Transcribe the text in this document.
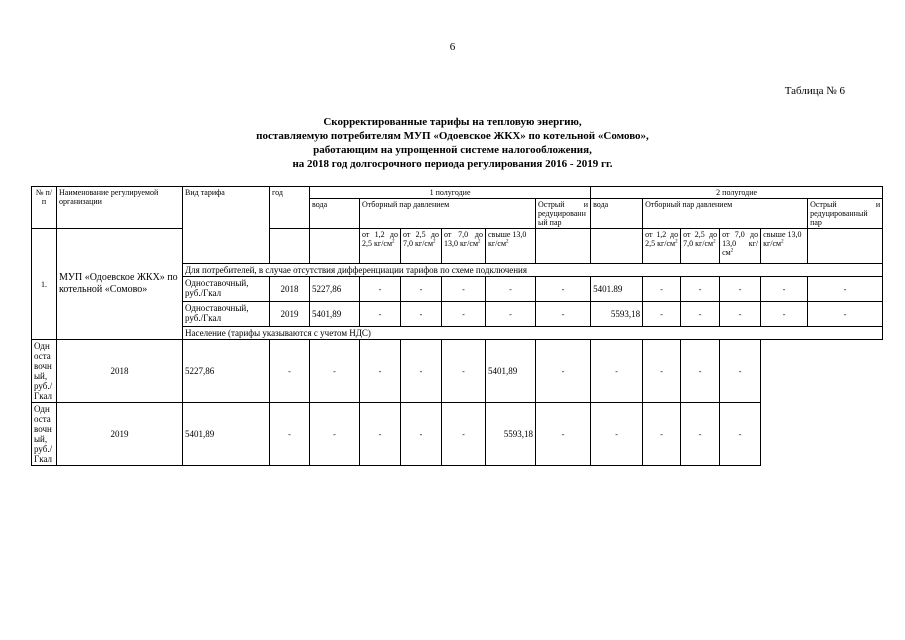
6
Таблица № 6
Скорректированные тарифы на тепловую энергию,
поставляемую потребителям МУП «Одоевское ЖКХ» по котельной «Сомово»,
работающим на упрощенной системе налогообложения,
на 2018 год долгосрочного периода регулирования 2016 - 2019 гг.
№ п/п	Наименование регулируемой организации	Вид тарифа	год	1 полугодие						2 полугодие					
				вода	Отборный пар давлением				Острый и редуцированный пар	вода	Отборный пар давлением				Острый и редуцированный пар

1.	МУП «Одоевское ЖКХ» по котельной «Сомово»				от 1,2 до 2,5 $кг/см^2$	от 2,5 до 7,0 $кг/см^2$	от 7,0 до 13,0 $кг/см^2$	свыше 13,0 $кг/см^2$			от 1,2 до 2,5 $кг/см^2$	от 2,5 до 7,0 $кг/см^2$	от 7,0 до 13,0 $кг/см^2$	свыше 13,0 $кг/см^2$	
		Для потребителей, в случае отсутствия дифференциации тарифов по схеме подключения													
		Одноставочный, руб./Гкал	2018	5227,86	-	-	-	-	-	5401.89	-	-	-	-	-
		Одноставочный, руб./Гкал	2019	5401,89	-	-	-	-	-	5593,18	-	-	-	-	-
		Население (тарифы указываются с учетом НДС)													
Одноставочный, руб./Гкал	2018	5227,86	-	-	-	-	-	5401,89	-	-	-	-	-		
Одноставочный, руб./Гкал	2019	5401,89	-	-	-	-	-	5593,18	-	-	-	-	-		
